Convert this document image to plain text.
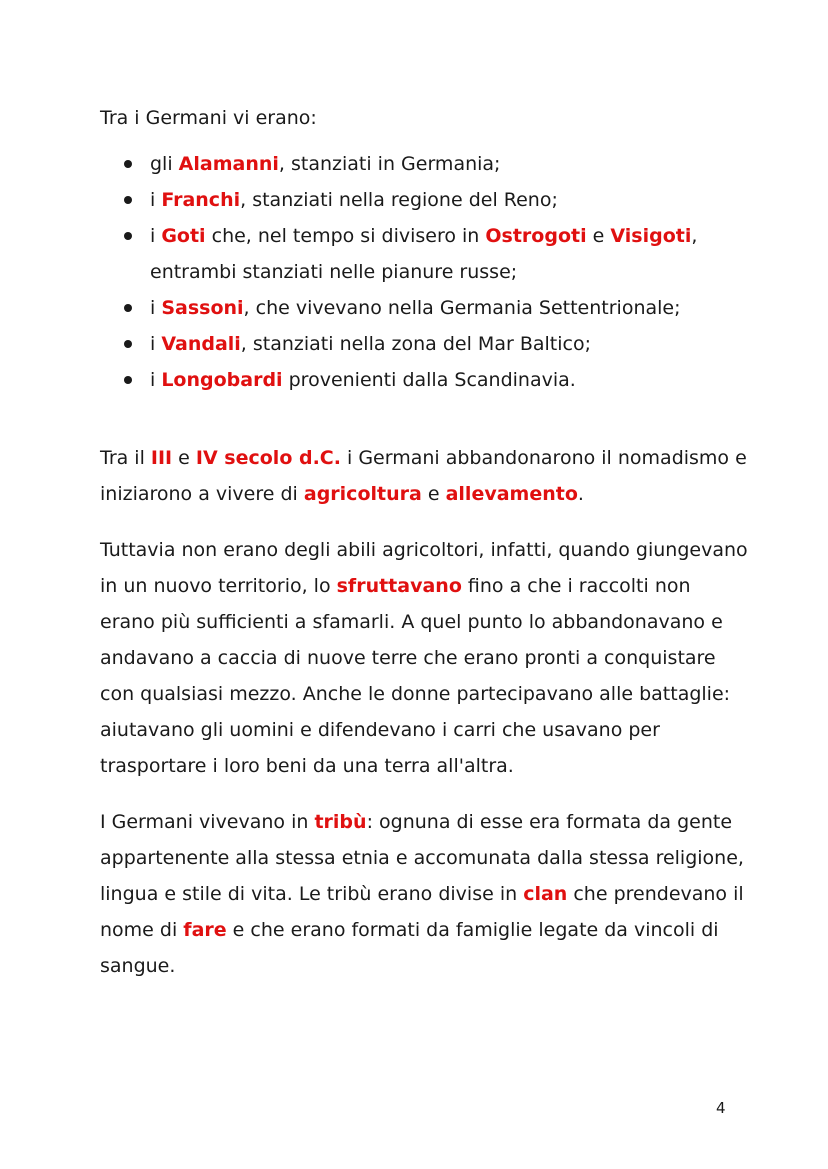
Tra i Germani vi erano:

gli Alamanni, stanziati in Germania;
i Franchi, stanziati nella regione del Reno;
i Goti che, nel tempo si divisero in Ostrogoti e Visigoti, entrambi stanziati nelle pianure russe;
i Sassoni, che vivevano nella Germania Settentrionale;
i Vandali, stanziati nella zona del Mar Baltico;
i Longobardi provenienti dalla Scandinavia.

Tra il III e IV secolo d.C. i Germani abbandonarono il nomadismo e iniziarono a vivere di agricoltura e allevamento.

Tuttavia non erano degli abili agricoltori, infatti, quando giungevano in un nuovo territorio, lo sfruttavano fino a che i raccolti non erano più sufficienti a sfamarli. A quel punto lo abbandonavano e andavano a caccia di nuove terre che erano pronti a conquistare con qualsiasi mezzo. Anche le donne partecipavano alle battaglie: aiutavano gli uomini e difendevano i carri che usavano per trasportare i loro beni da una terra all'altra.

I Germani vivevano in tribù: ognuna di esse era formata da gente appartenente alla stessa etnia e accomunata dalla stessa religione, lingua e stile di vita. Le tribù erano divise in clan che prendevano il nome di fare e che erano formati da famiglie legate da vincoli di sangue.

4
